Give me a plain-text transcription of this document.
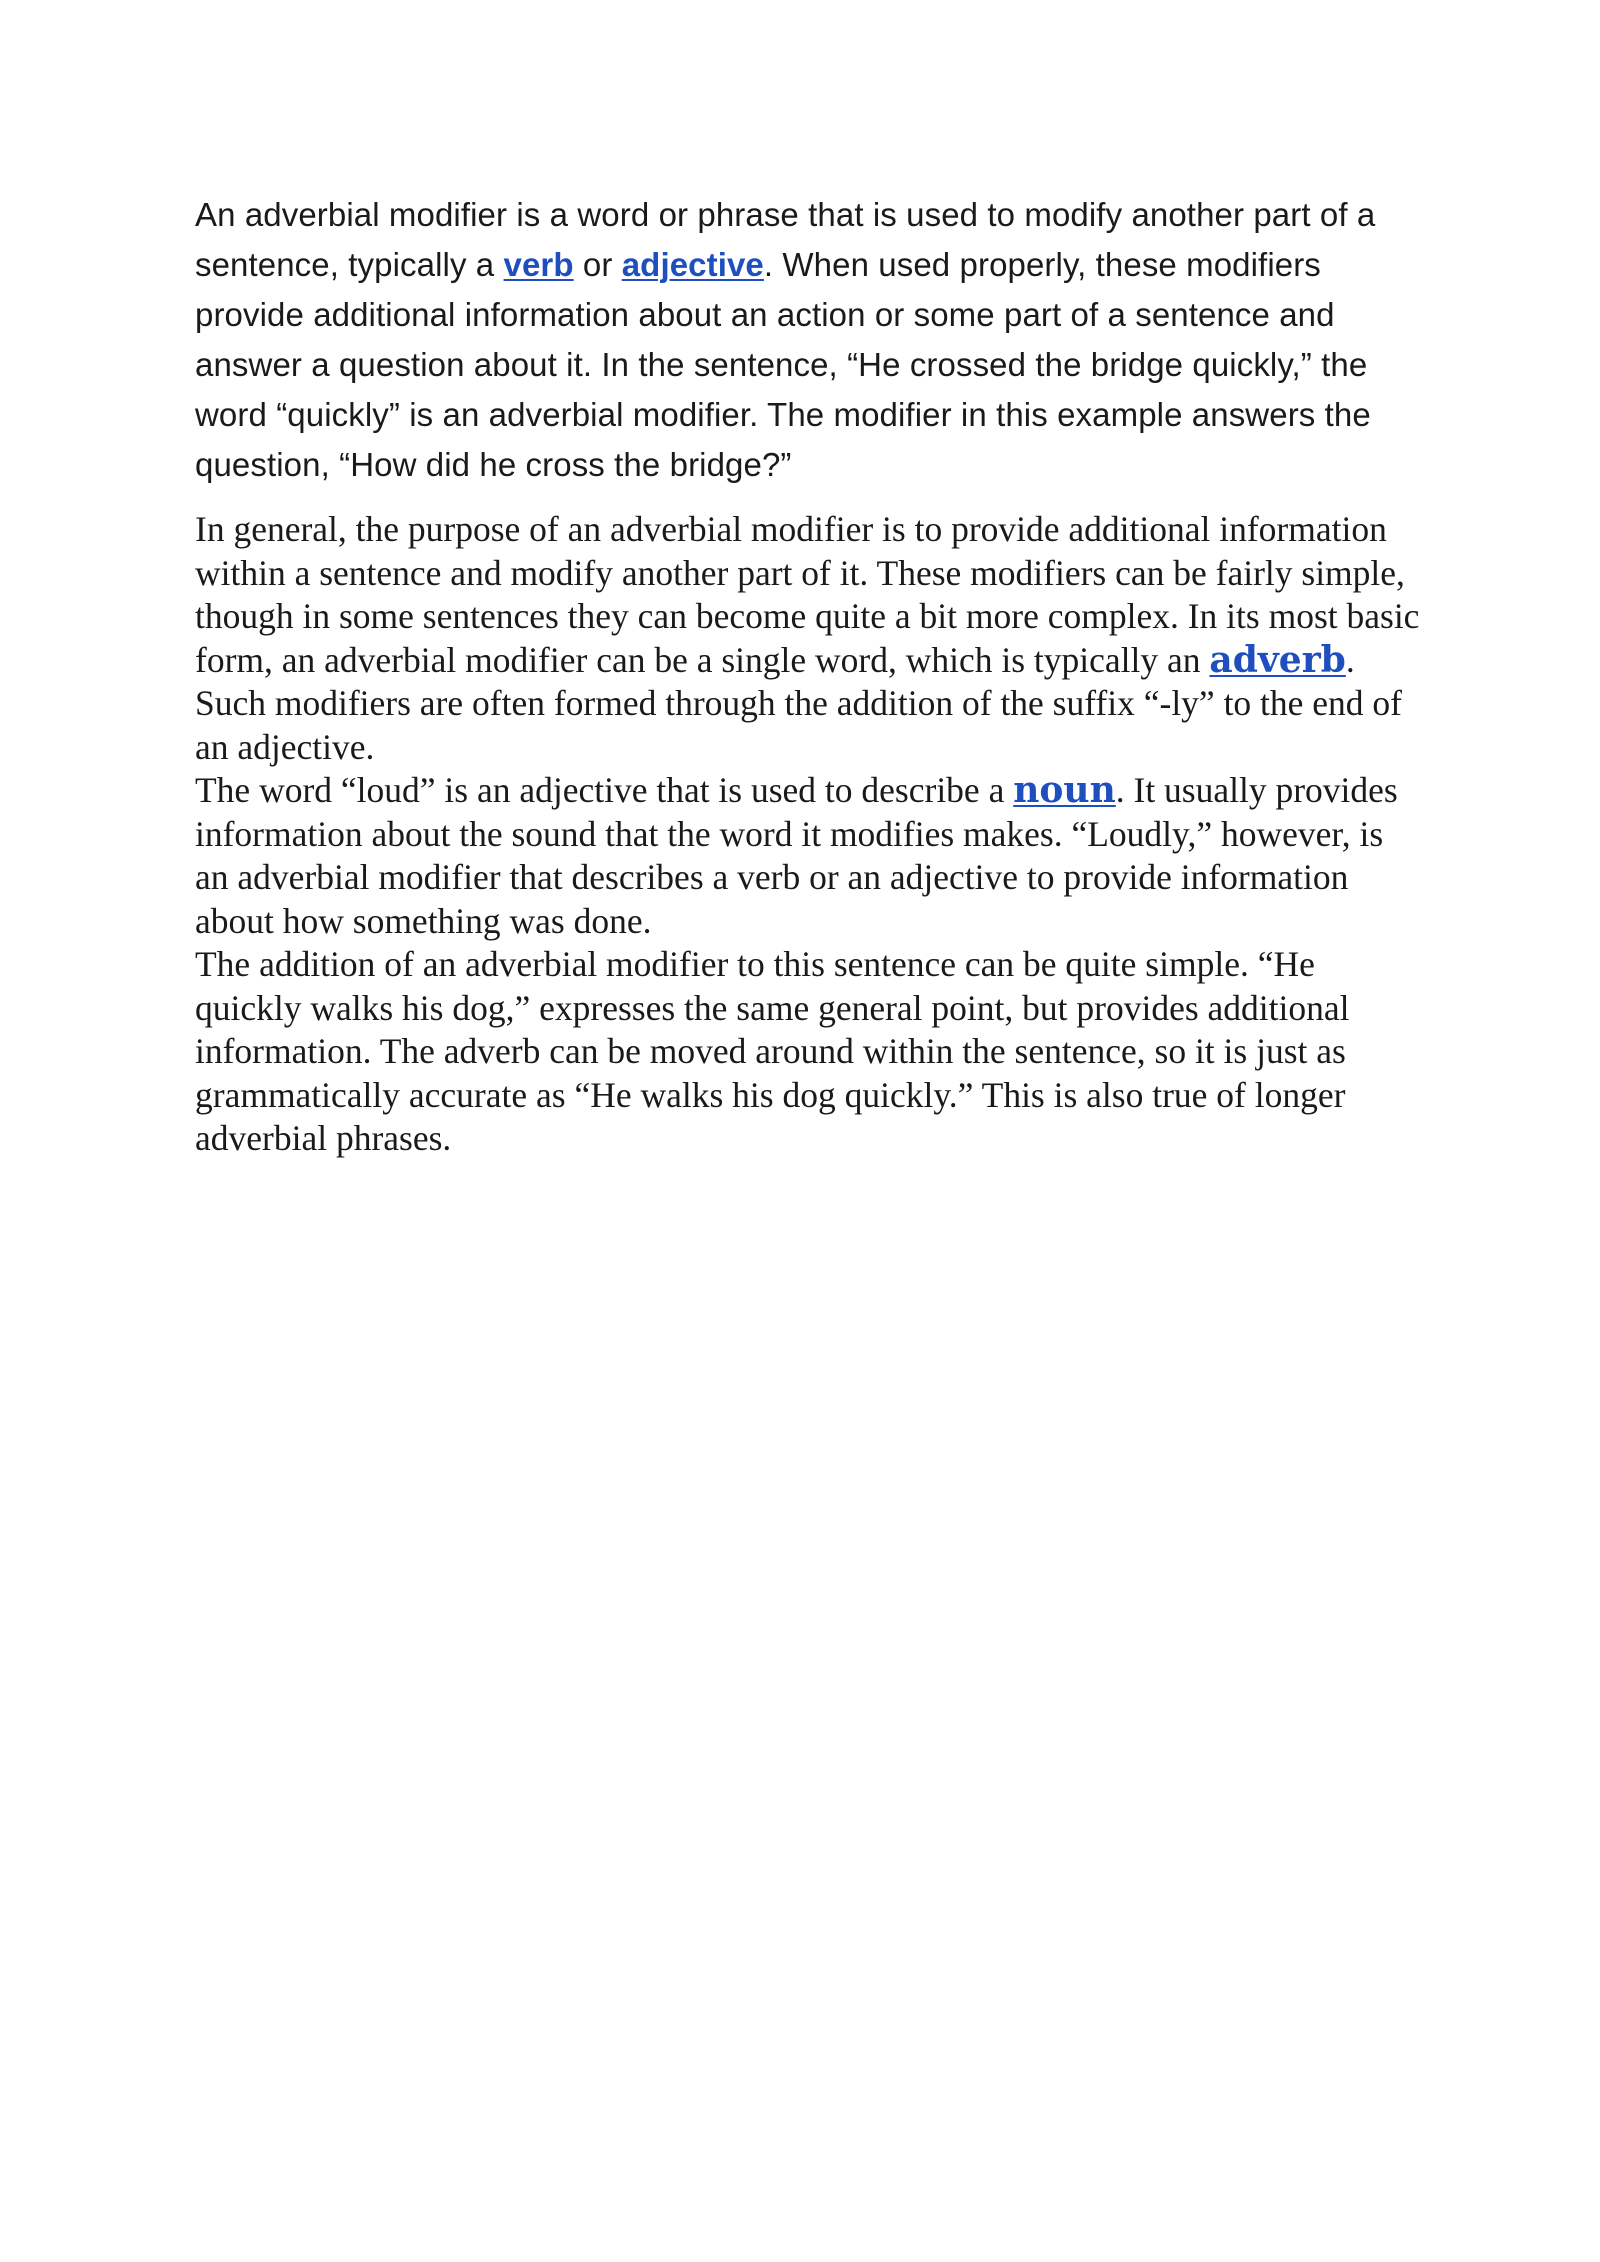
An adverbial modifier is a word or phrase that is used to modify another part of a sentence, typically a verb or adjective. When used properly, these modifiers provide additional information about an action or some part of a sentence and answer a question about it. In the sentence, “He crossed the bridge quickly,” the word “quickly” is an adverbial modifier. The modifier in this example answers the question, “How did he cross the bridge?”

In general, the purpose of an adverbial modifier is to provide additional information within a sentence and modify another part of it. These modifiers can be fairly simple, though in some sentences they can become quite a bit more complex. In its most basic form, an adverbial modifier can be a single word, which is typically an adverb. Such modifiers are often formed through the addition of the suffix “-ly” to the end of an adjective.

The word “loud” is an adjective that is used to describe a noun. It usually provides information about the sound that the word it modifies makes. “Loudly,” however, is an adverbial modifier that describes a verb or an adjective to provide information about how something was done.

The addition of an adverbial modifier to this sentence can be quite simple. “He quickly walks his dog,” expresses the same general point, but provides additional information. The adverb can be moved around within the sentence, so it is just as grammatically accurate as “He walks his dog quickly.” This is also true of longer adverbial phrases.
